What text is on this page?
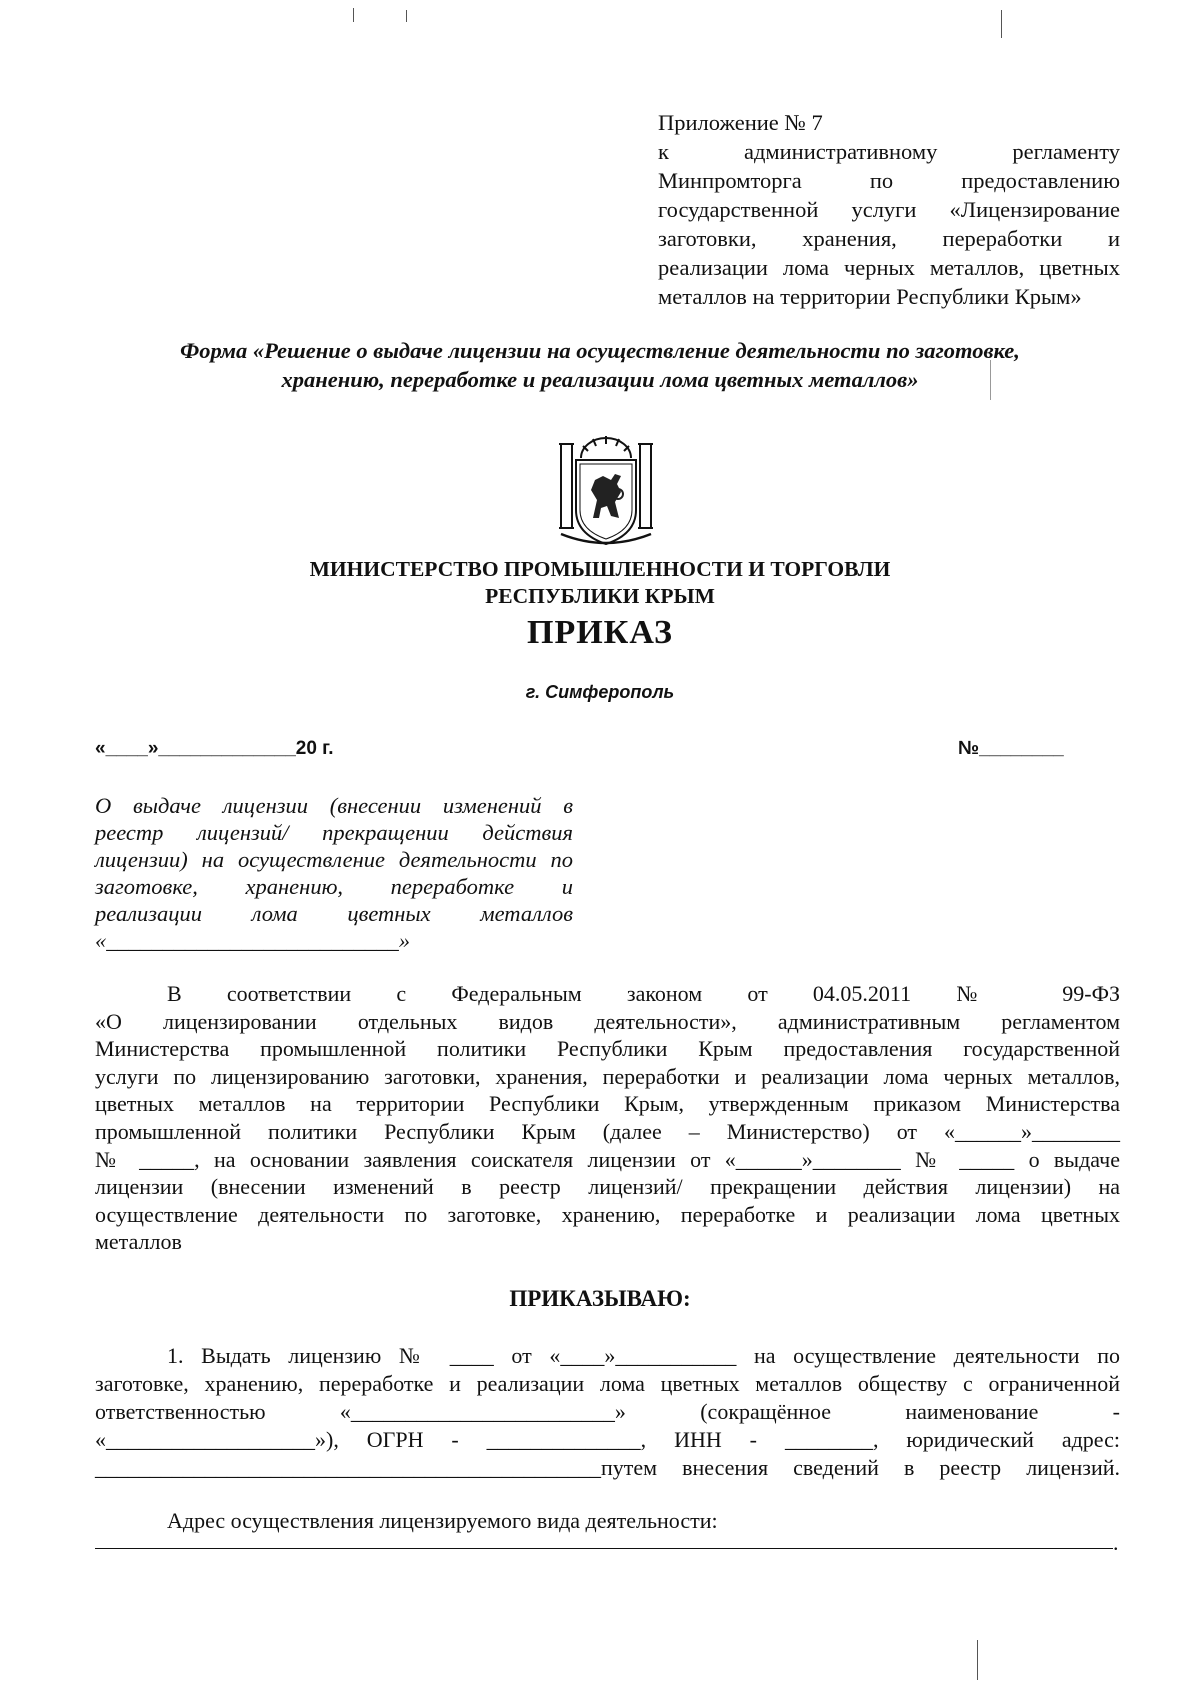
Приложение № 7
к административному регламенту
Минпромторга по предоставлению
государственной услуги «Лицензирование
заготовки, хранения, переработки и
реализации лома черных металлов, цветных
металлов на территории Республики Крым»
Форма «Решение о выдаче лицензии на осуществление деятельности по заготовке,
хранению, переработке и реализации лома цветных металлов»
МИНИСТЕРСТВО ПРОМЫШЛЕННОСТИ И ТОРГОВЛИ
РЕСПУБЛИКИ КРЫМ
ПРИКАЗ
г. Симферополь
«____»_____________20 г.	№________
О выдаче лицензии (внесении изменений в
реестр лицензий/ прекращении действия
лицензии) на осуществление деятельности по
заготовке, хранению, переработке и
реализации лома цветных металлов
«__________________________»
В соответствии с Федеральным законом от 04.05.2011 № 99-ФЗ
«О лицензировании отдельных видов деятельности», административным регламентом
Министерства промышленной политики Республики Крым предоставления государственной
услуги по лицензированию заготовки, хранения, переработки и реализации лома черных металлов,
цветных металлов на территории Республики Крым, утвержденным приказом Министерства
промышленной политики Республики Крым (далее – Министерство) от «______»________
№ _____, на основании заявления соискателя лицензии от «______»________ № _____ о выдаче
лицензии (внесении изменений в реестр лицензий/ прекращении действия лицензии) на
осуществление деятельности по заготовке, хранению, переработке и реализации лома цветных
металлов
ПРИКАЗЫВАЮ:
1. Выдать лицензию № ____ от «____»___________ на осуществление деятельности по
заготовке, хранению, переработке и реализации лома цветных металлов обществу с ограниченной
ответственностью «________________________» (сокращённое наименование -
«___________________»), ОГРН - ______________, ИНН - ________, юридический адрес:
______________________________________________путем внесения сведений в реестр лицензий.
Адрес осуществления лицензируемого вида деятельности:
.
